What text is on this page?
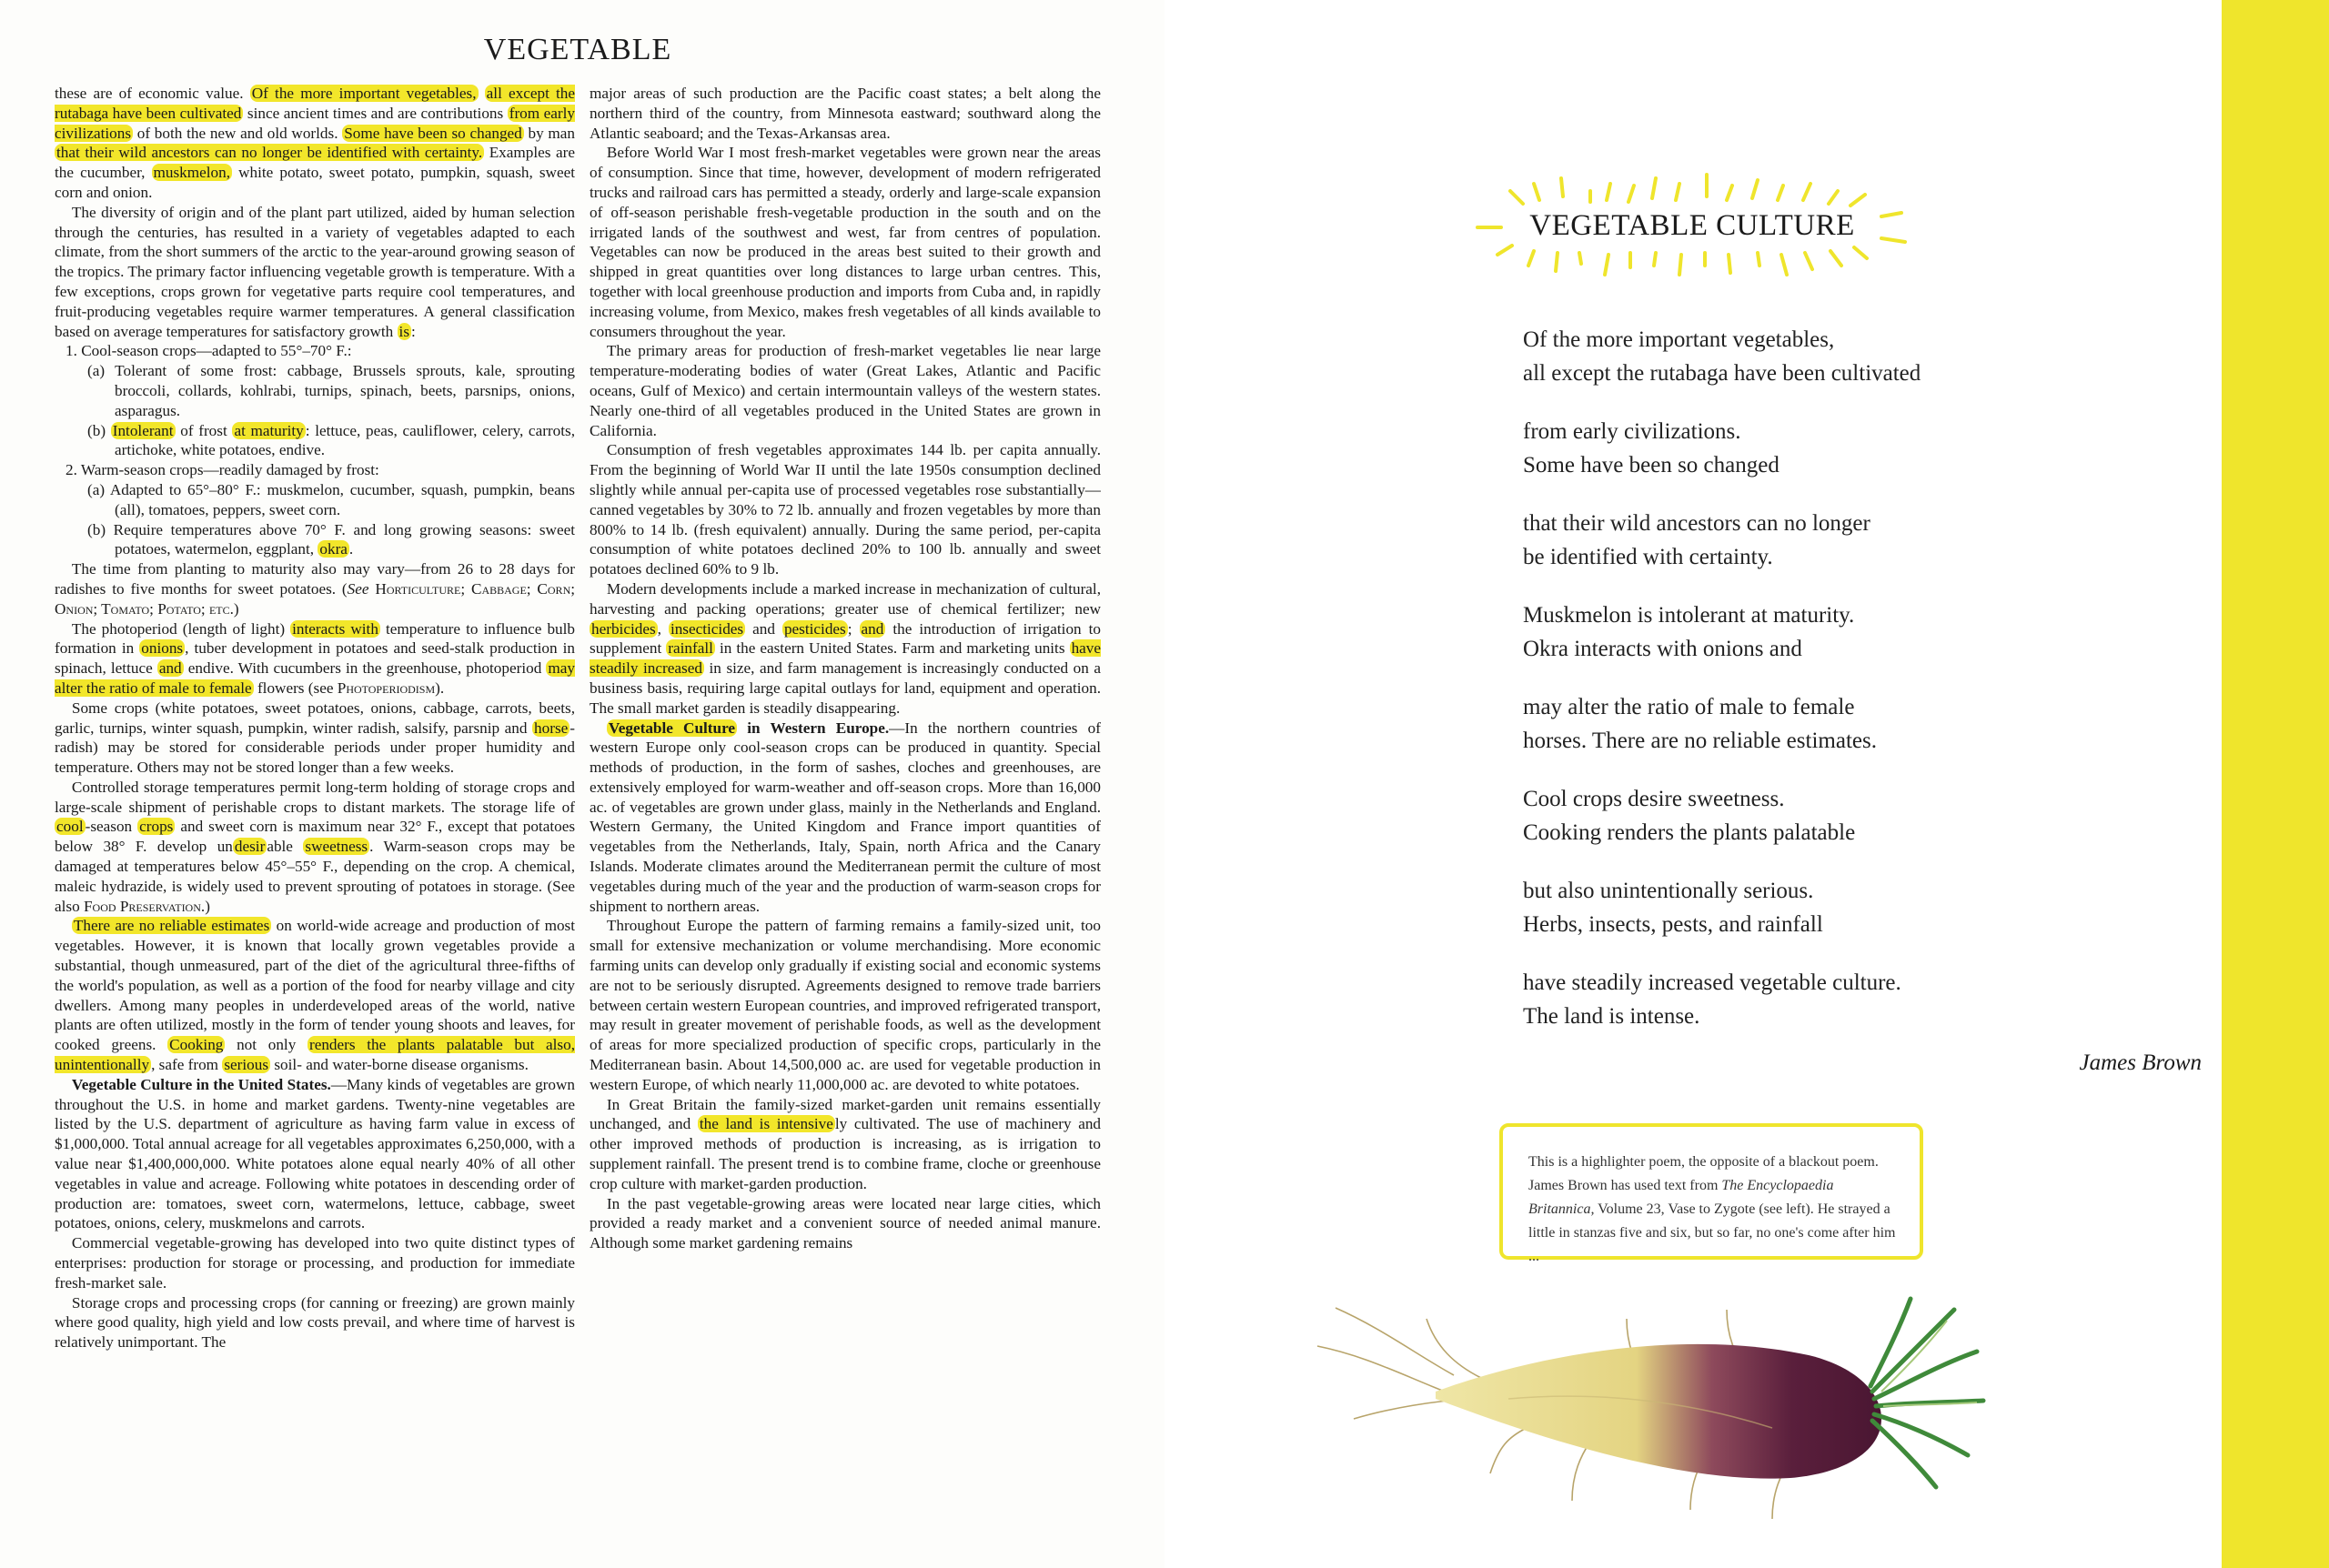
VEGETABLE

these are of economic value. Of the more important vegetables, all except the rutabaga have been cultivated since ancient times and are contributions from early civilizations of both the new and old worlds. Some have been so changed by man that their wild ancestors can no longer be identified with certainty. Examples are the cucumber, muskmelon, white potato, sweet potato, pumpkin, squash, sweet corn and onion.

The diversity of origin and of the plant part utilized, aided by human selection through the centuries, has resulted in a variety of vegetables adapted to each climate, from the short summers of the arctic to the year-around growing season of the tropics. The primary factor influencing vegetable growth is temperature. With a few exceptions, crops grown for vegetative parts require cool temperatures, and fruit-producing vegetables require warmer temperatures. A general classification based on average temperatures for satisfactory growth is :

1. Cool-season crops—adapted to 55°–70° F.:
(a) Tolerant of some frost: cabbage, Brussels sprouts, kale, sprouting broccoli, collards, kohlrabi, turnips, spinach, beets, parsnips, onions, asparagus.
(b) Intolerant of frost at maturity : lettuce, peas, cauliflower, celery, carrots, artichoke, white potatoes, endive.
2. Warm-season crops—readily damaged by frost:
(a) Adapted to 65°–80° F.: muskmelon, cucumber, squash, pumpkin, beans (all), tomatoes, peppers, sweet corn.
(b) Require temperatures above 70° F. and long growing seasons: sweet potatoes, watermelon, eggplant, okra .

The time from planting to maturity also may vary—from 26 to 28 days for radishes to five months for sweet potatoes. (See Horticulture; Cabbage; Corn; Onion; Tomato; Potato; etc.)

The photoperiod (length of light) interacts with temperature to influence bulb formation in onions , tuber development in potatoes and seed-stalk production in spinach, lettuce and endive. With cucumbers in the greenhouse, photoperiod may alter the ratio of male to female flowers (see Photoperiodism).

Some crops (white potatoes, sweet potatoes, onions, cabbage, carrots, beets, garlic, turnips, winter squash, pumpkin, winter radish, salsify, parsnip and horse -radish) may be stored for considerable periods under proper humidity and temperature. Others may not be stored longer than a few weeks.

Controlled storage temperatures permit long-term holding of storage crops and large-scale shipment of perishable crops to distant markets. The storage life of cool -season crops and sweet corn is maximum near 32° F., except that potatoes below 38° F. develop un desir able sweetness . Warm-season crops may be damaged at temperatures below 45°–55° F., depending on the crop. A chemical, maleic hydrazide, is widely used to prevent sprouting of potatoes in storage. (See also Food Preservation.)

There are no reliable estimates on world-wide acreage and production of most vegetables. However, it is known that locally grown vegetables provide a substantial, though unmeasured, part of the diet of the agricultural three-fifths of the world's population, as well as a portion of the food for nearby village and city dwellers. Among many peoples in underdeveloped areas of the world, native plants are often utilized, mostly in the form of tender young shoots and leaves, for cooked greens. Cooking not only renders the plants palatable but also, unintentionally , safe from serious soil- and water-borne disease organisms.

Vegetable Culture in the United States.—Many kinds of vegetables are grown throughout the U.S. in home and market gardens. Twenty-nine vegetables are listed by the U.S. department of agriculture as having farm value in excess of $1,000,000. Total annual acreage for all vegetables approximates 6,250,000, with a value near $1,400,000,000. White potatoes alone equal nearly 40% of all other vegetables in value and acreage. Following white potatoes in descending order of production are: tomatoes, sweet corn, watermelons, lettuce, cabbage, sweet potatoes, onions, celery, muskmelons and carrots.

Commercial vegetable-growing has developed into two quite distinct types of enterprises: production for storage or processing, and production for immediate fresh-market sale.

Storage crops and processing crops (for canning or freezing) are grown mainly where good quality, high yield and low costs prevail, and where time of harvest is relatively unimportant. The

major areas of such production are the Pacific coast states; a belt along the northern third of the country, from Minnesota eastward; southward along the Atlantic seaboard; and the Texas-Arkansas area.

Before World War I most fresh-market vegetables were grown near the areas of consumption. Since that time, however, development of modern refrigerated trucks and railroad cars has permitted a steady, orderly and large-scale expansion of off-season perishable fresh-vegetable production in the south and on the irrigated lands of the southwest and west, far from centres of population. Vegetables can now be produced in the areas best suited to their growth and shipped in great quantities over long distances to large urban centres. This, together with local greenhouse production and imports from Cuba and, in rapidly increasing volume, from Mexico, makes fresh vegetables of all kinds available to consumers throughout the year.

The primary areas for production of fresh-market vegetables lie near large temperature-moderating bodies of water (Great Lakes, Atlantic and Pacific oceans, Gulf of Mexico) and certain intermountain valleys of the western states. Nearly one-third of all vegetables produced in the United States are grown in California.

Consumption of fresh vegetables approximates 144 lb. per capita annually. From the beginning of World War II until the late 1950s consumption declined slightly while annual per-capita use of processed vegetables rose substantially—canned vegetables by 30% to 72 lb. annually and frozen vegetables by more than 800% to 14 lb. (fresh equivalent) annually. During the same period, per-capita consumption of white potatoes declined 20% to 100 lb. annually and sweet potatoes declined 60% to 9 lb.

Modern developments include a marked increase in mechanization of cultural, harvesting and packing operations; greater use of chemical fertilizer; new herbicides , insecticides and pesticides ; and the introduction of irrigation to supplement rainfall in the eastern United States. Farm and marketing units have steadily increased in size, and farm management is increasingly conducted on a business basis, requiring large capital outlays for land, equipment and operation. The small market garden is steadily disappearing.

Vegetable Culture in Western Europe.—In the northern countries of western Europe only cool-season crops can be produced in quantity. Special methods of production, in the form of sashes, cloches and greenhouses, are extensively employed for warm-weather and off-season crops. More than 16,000 ac. of vegetables are grown under glass, mainly in the Netherlands and England. Western Germany, the United Kingdom and France import quantities of vegetables from the Netherlands, Italy, Spain, north Africa and the Canary Islands. Moderate climates around the Mediterranean permit the culture of most vegetables during much of the year and the production of warm-season crops for shipment to northern areas.

Throughout Europe the pattern of farming remains a family-sized unit, too small for extensive mechanization or volume merchandising. More economic farming units can develop only gradually if existing social and economic systems are not to be seriously disrupted. Agreements designed to remove trade barriers between certain western European countries, and improved refrigerated transport, may result in greater movement of perishable foods, as well as the development of areas for more specialized production of specific crops, particularly in the Mediterranean basin. About 14,500,000 ac. are used for vegetable production in western Europe, of which nearly 11,000,000 ac. are devoted to white potatoes.

In Great Britain the family-sized market-garden unit remains essentially unchanged, and the land is intensive ly cultivated. The use of machinery and other improved methods of production is increasing, as is irrigation to supplement rainfall. The present trend is to combine frame, cloche or greenhouse crop culture with market-garden production.

In the past vegetable-growing areas were located near large cities, which provided a ready market and a convenient source of needed animal manure. Although some market gardening remains

VEGETABLE CULTURE
Of the more important vegetables,
all except the rutabaga have been cultivated
from early civilizations.
Some have been so changed
that their wild ancestors can no longer
be identified with certainty.
Muskmelon is intolerant at maturity.
Okra interacts with onions and
may alter the ratio of male to female
horses. There are no reliable estimates.
Cool crops desire sweetness.
Cooking renders the plants palatable
but also unintentionally serious.
Herbs, insects, pests, and rainfall
have steadily increased vegetable culture.
The land is intense.
James Brown
This is a highlighter poem, the opposite of a blackout poem. James Brown has used text from The Encyclopaedia Britannica, Volume 23, Vase to Zygote (see left). He strayed a little in stanzas five and six, but so far, no one's come after him ...
